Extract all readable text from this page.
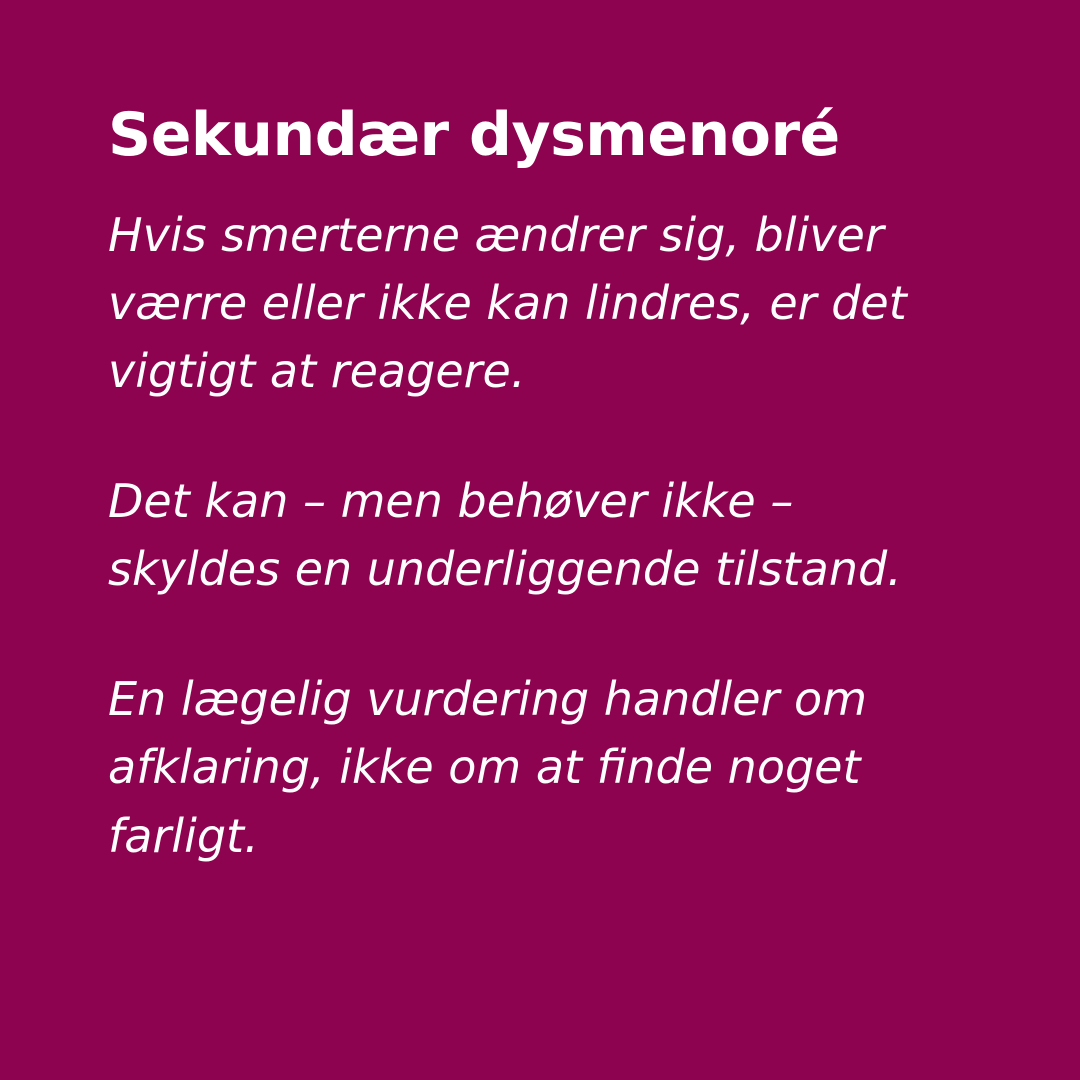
Sekundær dysmenoré

Hvis smerterne ændrer sig, bliver værre eller ikke kan lindres, er det vigtigt at reagere.

Det kan – men behøver ikke – skyldes en underliggende tilstand.

En lægelig vurdering handler om afklaring, ikke om at finde noget farligt.
